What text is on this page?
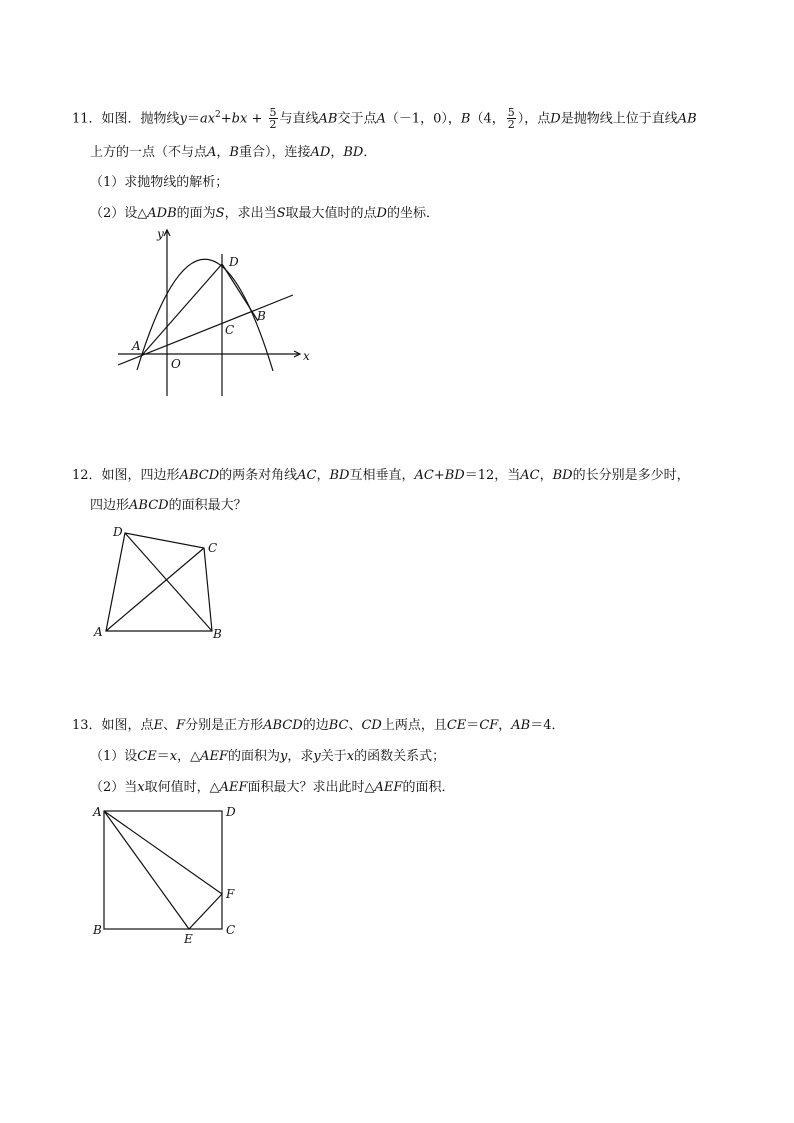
11．如图．抛物线$y=ax^2+bx + \frac{5}{2}$ 与直线AB交于点A（－1，0），B（4， $\frac{5}{2}$ ），点D是抛物线上位于直线AB
上方的一点（不与点A，B重合），连接AD，BD．
（1）求抛物线的解析；
（2）设△ADB的面为S，求出当S取最大值时的点D的坐标．
y
x
D
B
C
A
O
12．如图，四边形ABCD的两条对角线AC，BD互相垂直，AC+BD＝12，当AC，BD的长分别是多少时，
四边形ABCD的面积最大？
D
C
A	B
13．如图，点E、F分别是正方形ABCD的边BC、CD上两点，且CE＝CF，AB＝4．
（1）设CE＝x，△AEF的面积为y，求y关于x的函数关系式；
（2）当x取何值时，△AEF面积最大？求出此时△AEF的面积．
A	D
F
B
E
C
